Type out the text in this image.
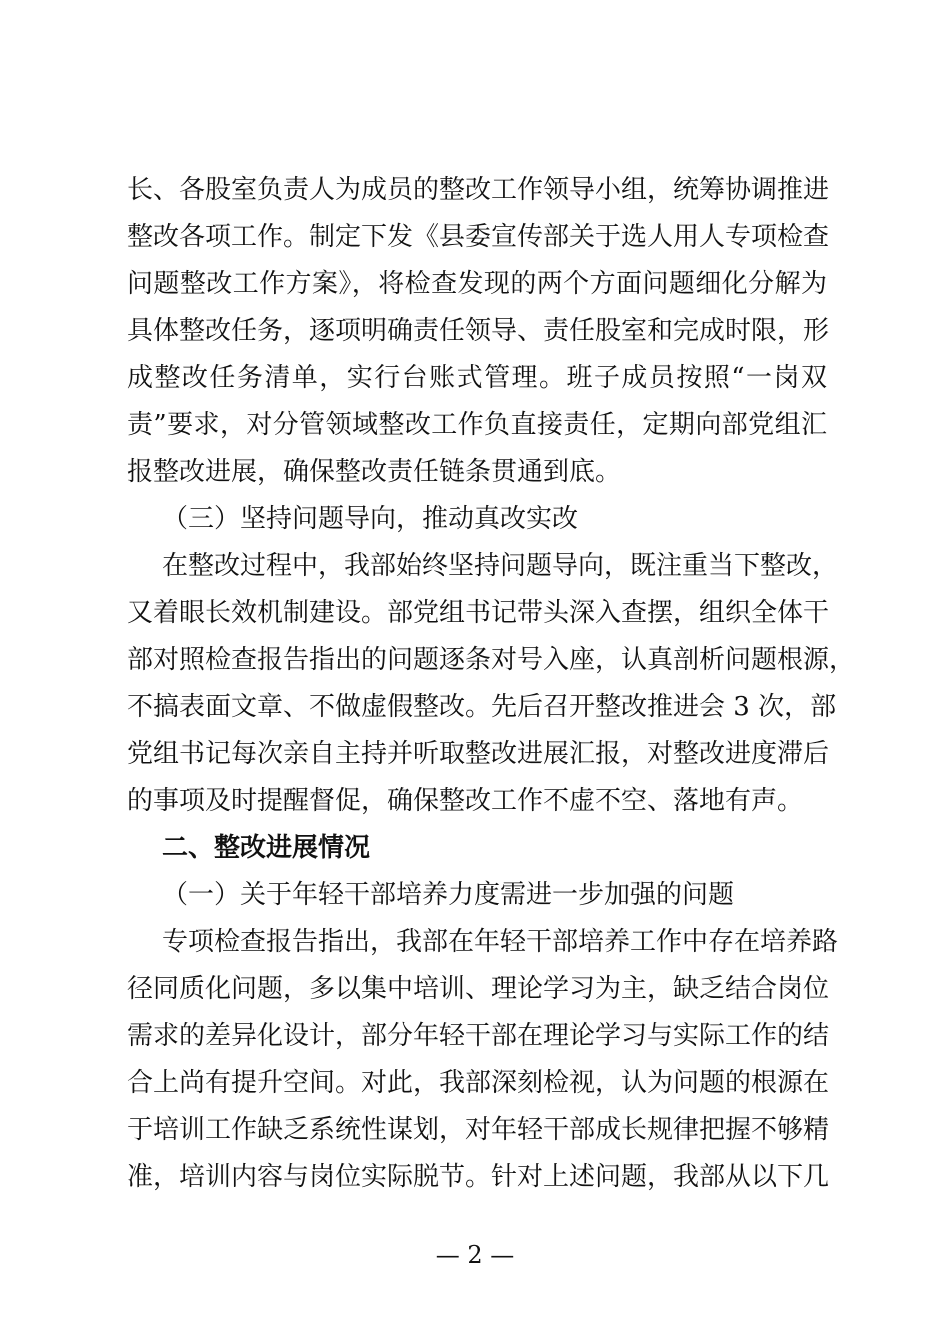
长、各股室负责人为成员的整改工作领导小组，统筹协调推进
整改各项工作。制定下发《县委宣传部关于选人用人专项检查
问题整改工作方案》，将检查发现的两个方面问题细化分解为
具体整改任务，逐项明确责任领导、责任股室和完成时限，形
成整改任务清单，实行台账式管理。班子成员按照“一岗双
责”要求，对分管领域整改工作负直接责任，定期向部党组汇
报整改进展，确保整改责任链条贯通到底。
（三）坚持问题导向，推动真改实改
在整改过程中，我部始终坚持问题导向，既注重当下整改，
又着眼长效机制建设。部党组书记带头深入查摆，组织全体干
部对照检查报告指出的问题逐条对号入座，认真剖析问题根源，
不搞表面文章、不做虚假整改。先后召开整改推进会 3 次，部
党组书记每次亲自主持并听取整改进展汇报，对整改进度滞后
的事项及时提醒督促，确保整改工作不虚不空、落地有声。
二、整改进展情况
（一）关于年轻干部培养力度需进一步加强的问题
专项检查报告指出，我部在年轻干部培养工作中存在培养路
径同质化问题，多以集中培训、理论学习为主，缺乏结合岗位
需求的差异化设计，部分年轻干部在理论学习与实际工作的结
合上尚有提升空间。对此，我部深刻检视，认为问题的根源在
于培训工作缺乏系统性谋划，对年轻干部成长规律把握不够精
准，培训内容与岗位实际脱节。针对上述问题，我部从以下几
— 2 —
